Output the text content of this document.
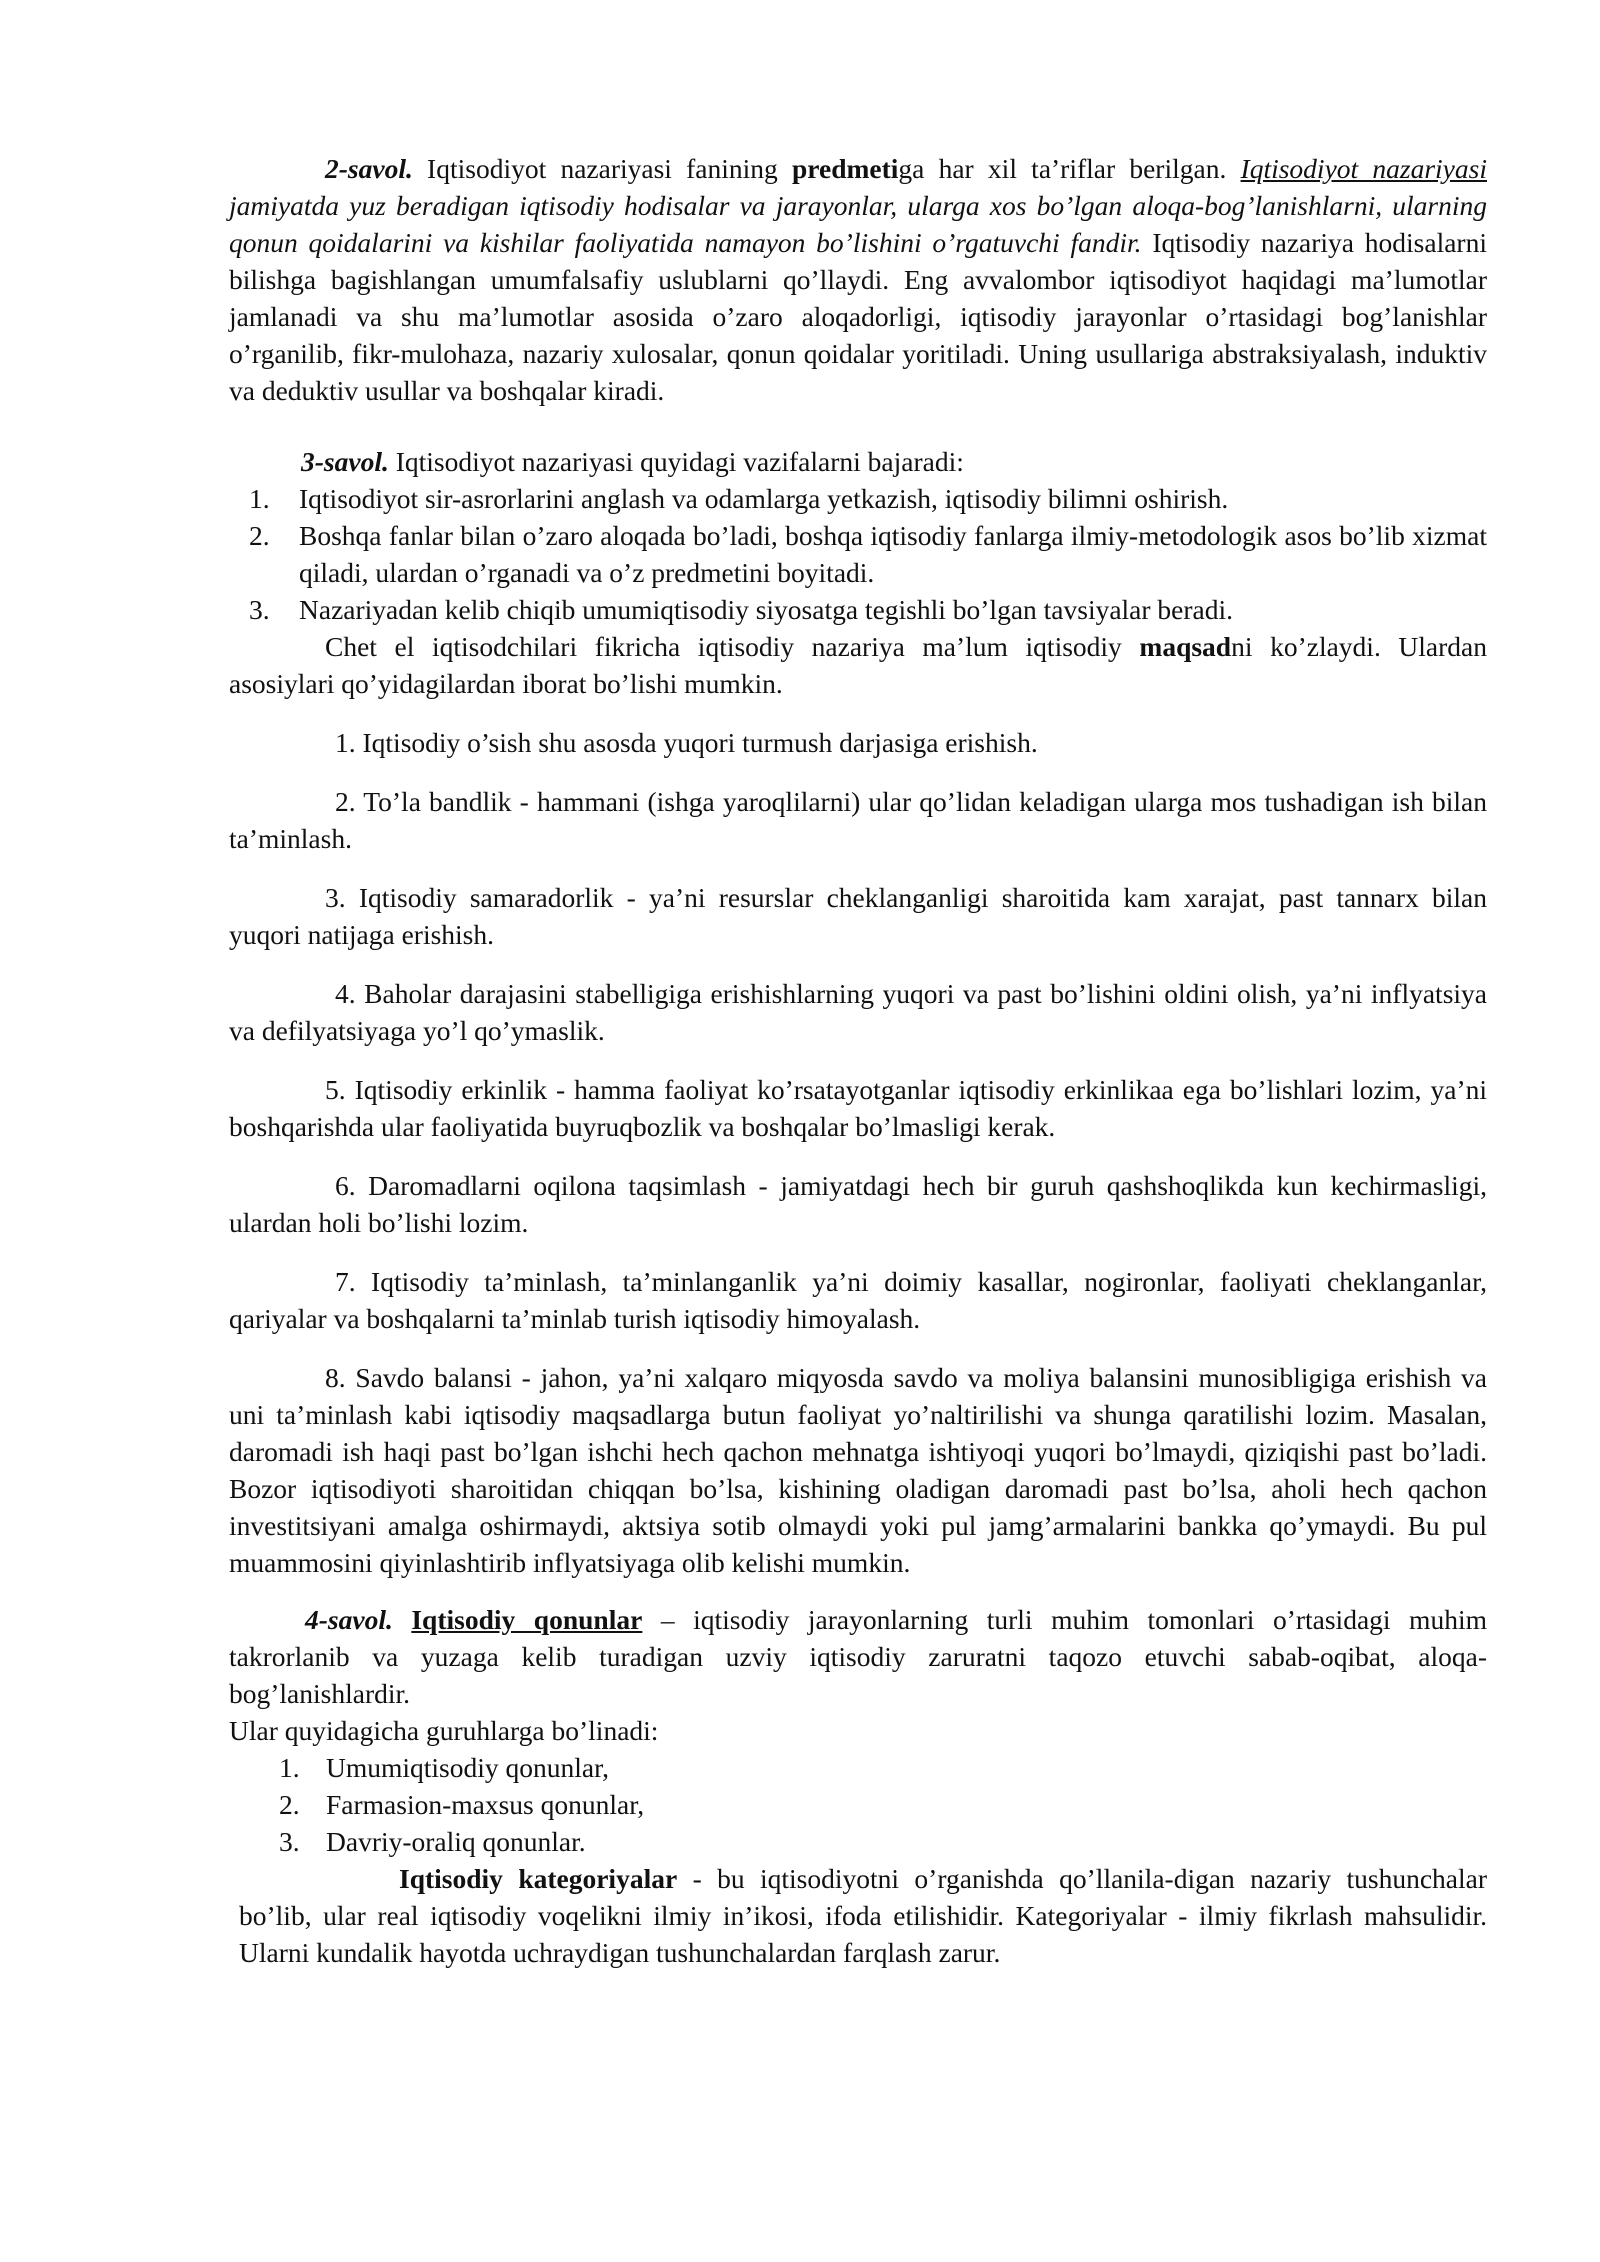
2-savol. Iqtisodiyot nazariyasi fanining predmetiga har xil ta’riflar berilgan. Iqtisodiyot nazariyasi jamiyatda yuz beradigan iqtisodiy hodisalar va jarayonlar, ularga xos bo’lgan aloqa-bog’lanishlarni, ularning qonun qoidalarini va kishilar faoliyatida namayon bo’lishini o’rgatuvchi fandir. Iqtisodiy nazariya hodisalarni bilishga bagishlangan umumfalsafiy uslublarni qo’llaydi. Eng avvalombor iqtisodiyot haqidagi ma’lumotlar jamlanadi va shu ma’lumotlar asosida o’zaro aloqadorligi, iqtisodiy jarayonlar o’rtasidagi bog’lanishlar o’rganilib, fikr-mulohaza, nazariy xulosalar, qonun qoidalar yoritiladi. Uning usullariga abstraksiyalash, induktiv va deduktiv usullar va boshqalar kiradi.

3-savol. Iqtisodiyot nazariyasi quyidagi vazifalarni bajaradi:

1. Iqtisodiyot sir-asrorlarini anglash va odamlarga yetkazish, iqtisodiy bilimni oshirish.
2. Boshqa fanlar bilan o’zaro aloqada bo’ladi, boshqa iqtisodiy fanlarga ilmiy-metodologik asos bo’lib xizmat qiladi, ulardan o’rganadi va o’z predmetini boyitadi.
3. Nazariyadan kelib chiqib umumiqtisodiy siyosatga tegishli bo’lgan tavsiyalar beradi.

Chet el iqtisodchilari fikricha iqtisodiy nazariya ma’lum iqtisodiy maqsadni ko’zlaydi. Ulardan asosiylari qo’yidagilardan iborat bo’lishi mumkin.

1. Iqtisodiy o’sish shu asosda yuqori turmush darjasiga erishish.

2. To’la bandlik - hammani (ishga yaroqlilarni) ular qo’lidan keladigan ularga mos tushadigan ish bilan ta’minlash.

3. Iqtisodiy samaradorlik - ya’ni resurslar cheklanganligi sharoitida kam xarajat, past tannarx bilan yuqori natijaga erishish.

4. Baholar darajasini stabelligiga erishishlarning yuqori va past bo’lishini oldini olish, ya’ni inflyatsiya va defilyatsiyaga yo’l qo’ymaslik.

5. Iqtisodiy erkinlik - hamma faoliyat ko’rsatayotganlar iqtisodiy erkinlikaa ega bo’lishlari lozim, ya’ni boshqarishda ular faoliyatida buyruqbozlik va boshqalar bo’lmasligi kerak.

6. Daromadlarni oqilona taqsimlash - jamiyatdagi hech bir guruh qashshoqlikda kun kechirmasligi, ulardan holi bo’lishi lozim.

7. Iqtisodiy ta’minlash, ta’minlanganlik ya’ni doimiy kasallar, nogironlar, faoliyati cheklanganlar, qariyalar va boshqalarni ta’minlab turish iqtisodiy himoyalash.

8. Savdo balansi - jahon, ya’ni xalqaro miqyosda savdo va moliya balansini munosibligiga erishish va uni ta’minlash kabi iqtisodiy maqsadlarga butun faoliyat yo’naltirilishi va shunga qaratilishi lozim. Masalan, daromadi ish haqi past bo’lgan ishchi hech qachon mehnatga ishtiyoqi yuqori bo’lmaydi, qiziqishi past bo’ladi. Bozor iqtisodiyoti sharoitidan chiqqan bo’lsa, kishining oladigan daromadi past bo’lsa, aholi hech qachon investitsiyani amalga oshirmaydi, aktsiya sotib olmaydi yoki pul jamg’armalarini bankka qo’ymaydi. Bu pul muammosini qiyinlashtirib inflyatsiyaga olib kelishi mumkin.

4-savol. Iqtisodiy qonunlar – iqtisodiy jarayonlarning turli muhim tomonlari o’rtasidagi muhim takrorlanib va yuzaga kelib turadigan uzviy iqtisodiy zaruratni taqozo etuvchi sabab-oqibat, aloqa-bog’lanishlardir.

Ular quyidagicha guruhlarga bo’linadi:

1. Umumiqtisodiy qonunlar,
2. Farmasion-maxsus qonunlar,
3. Davriy-oraliq qonunlar.

Iqtisodiy kategoriyalar - bu iqtisodiyotni o’rganishda qo’llanila-digan nazariy tushunchalar bo’lib, ular real iqtisodiy voqelikni ilmiy in’ikosi, ifoda etilishidir. Kategoriyalar - ilmiy fikrlash mahsulidir. Ularni kundalik hayotda uchraydigan tushunchalardan farqlash zarur.
